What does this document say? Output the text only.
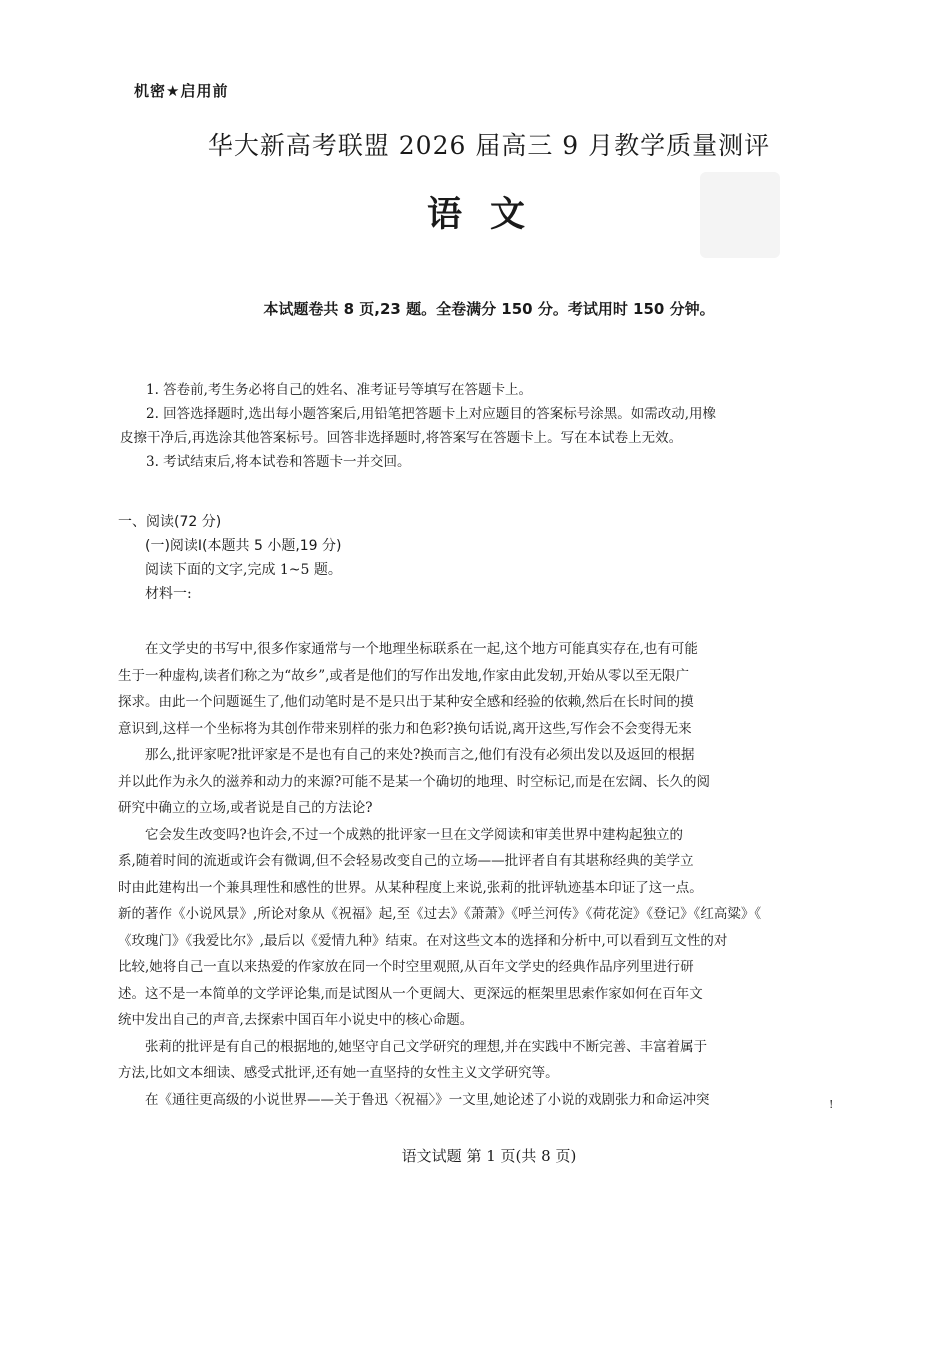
机密★启用前
华大新高考联盟 2026 届高三 9 月教学质量测评
语文
本试题卷共 8 页,23 题。全卷满分 150 分。考试用时 150 分钟。

1. 答卷前,考生务必将自己的姓名、准考证号等填写在答题卡上。

2. 回答选择题时,选出每小题答案后,用铅笔把答题卡上对应题目的答案标号涂黑。如需改动,用橡

皮擦干净后,再选涂其他答案标号。回答非选择题时,将答案写在答题卡上。写在本试卷上无效。

3. 考试结束后,将本试卷和答题卡一并交回。

一、阅读(72 分)

(一)阅读Ⅰ(本题共 5 小题,19 分)

阅读下面的文字,完成 1~5 题。

材料一:

在文学史的书写中,很多作家通常与一个地理坐标联系在一起,这个地方可能真实存在,也有可能

生于一种虚构,读者们称之为“故乡”,或者是他们的写作出发地,作家由此发轫,开始从零以至无限广

探求。由此一个问题诞生了,他们动笔时是不是只出于某种安全感和经验的依赖,然后在长时间的摸

意识到,这样一个坐标将为其创作带来别样的张力和色彩?换句话说,离开这些,写作会不会变得无来

那么,批评家呢?批评家是不是也有自己的来处?换而言之,他们有没有必须出发以及返回的根据

并以此作为永久的滋养和动力的来源?可能不是某一个确切的地理、时空标记,而是在宏阔、长久的阅

研究中确立的立场,或者说是自己的方法论?

它会发生改变吗?也许会,不过一个成熟的批评家一旦在文学阅读和审美世界中建构起独立的

系,随着时间的流逝或许会有微调,但不会轻易改变自己的立场——批评者自有其堪称经典的美学立

时由此建构出一个兼具理性和感性的世界。从某种程度上来说,张莉的批评轨迹基本印证了这一点。

新的著作《小说风景》,所论对象从《祝福》起,至《过去》《萧萧》《呼兰河传》《荷花淀》《登记》《红高粱》《

《玫瑰门》《我爱比尔》,最后以《爱情九种》结束。在对这些文本的选择和分析中,可以看到互文性的对

比较,她将自己一直以来热爱的作家放在同一个时空里观照,从百年文学史的经典作品序列里进行研

述。这不是一本简单的文学评论集,而是试图从一个更阔大、更深远的框架里思索作家如何在百年文

统中发出自己的声音,去探索中国百年小说史中的核心命题。

张莉的批评是有自己的根据地的,她坚守自己文学研究的理想,并在实践中不断完善、丰富着属于

方法,比如文本细读、感受式批评,还有她一直坚持的女性主义文学研究等。

在《通往更高级的小说世界——关于鲁迅〈祝福〉》一文里,她论述了小说的戏剧张力和命运冲突	!
语文试题 第 1 页(共 8 页)
